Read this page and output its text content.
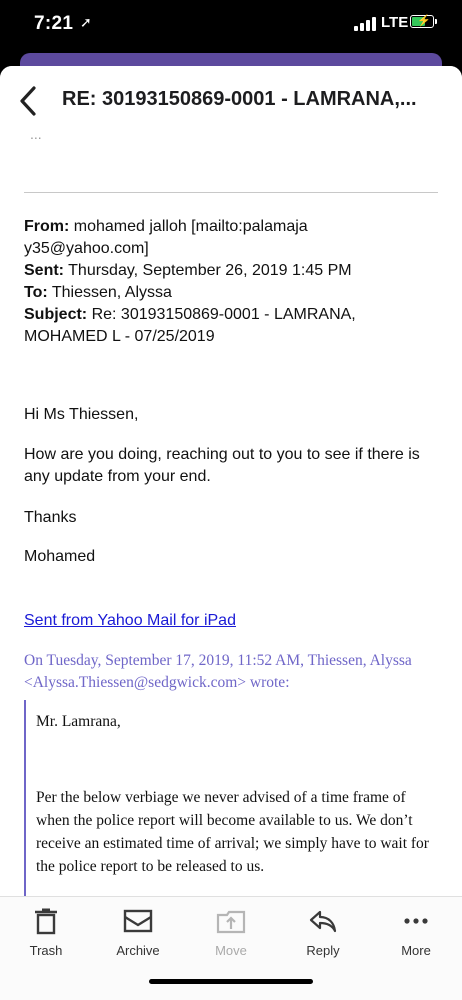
7:21 ➚	LTE ⚡
RE: 30193150869-0001 - LAMRANA,...
...
From: mohamed jalloh [mailto:palamaja y35@yahoo.com]
Sent: Thursday, September 26, 2019 1:45 PM
To: Thiessen, Alyssa
Subject: Re: 30193150869-0001 - LAMRANA, MOHAMED L - 07/25/2019
Hi Ms Thiessen,
How are you doing, reaching out to you to see if there is any update from your end.
Thanks
Mohamed
Sent from Yahoo Mail for iPad
On Tuesday, September 17, 2019, 11:52 AM, Thiessen, Alyssa <Alyssa.Thiessen@sedgwick.com> wrote:
Mr. Lamrana,
Per the below verbiage we never advised of a time frame of when the police report will become available to us. We don’t receive an estimated time of arrival; we simply have to wait for the police report to be released to us.
Trash	Archive	Move	Reply	More
